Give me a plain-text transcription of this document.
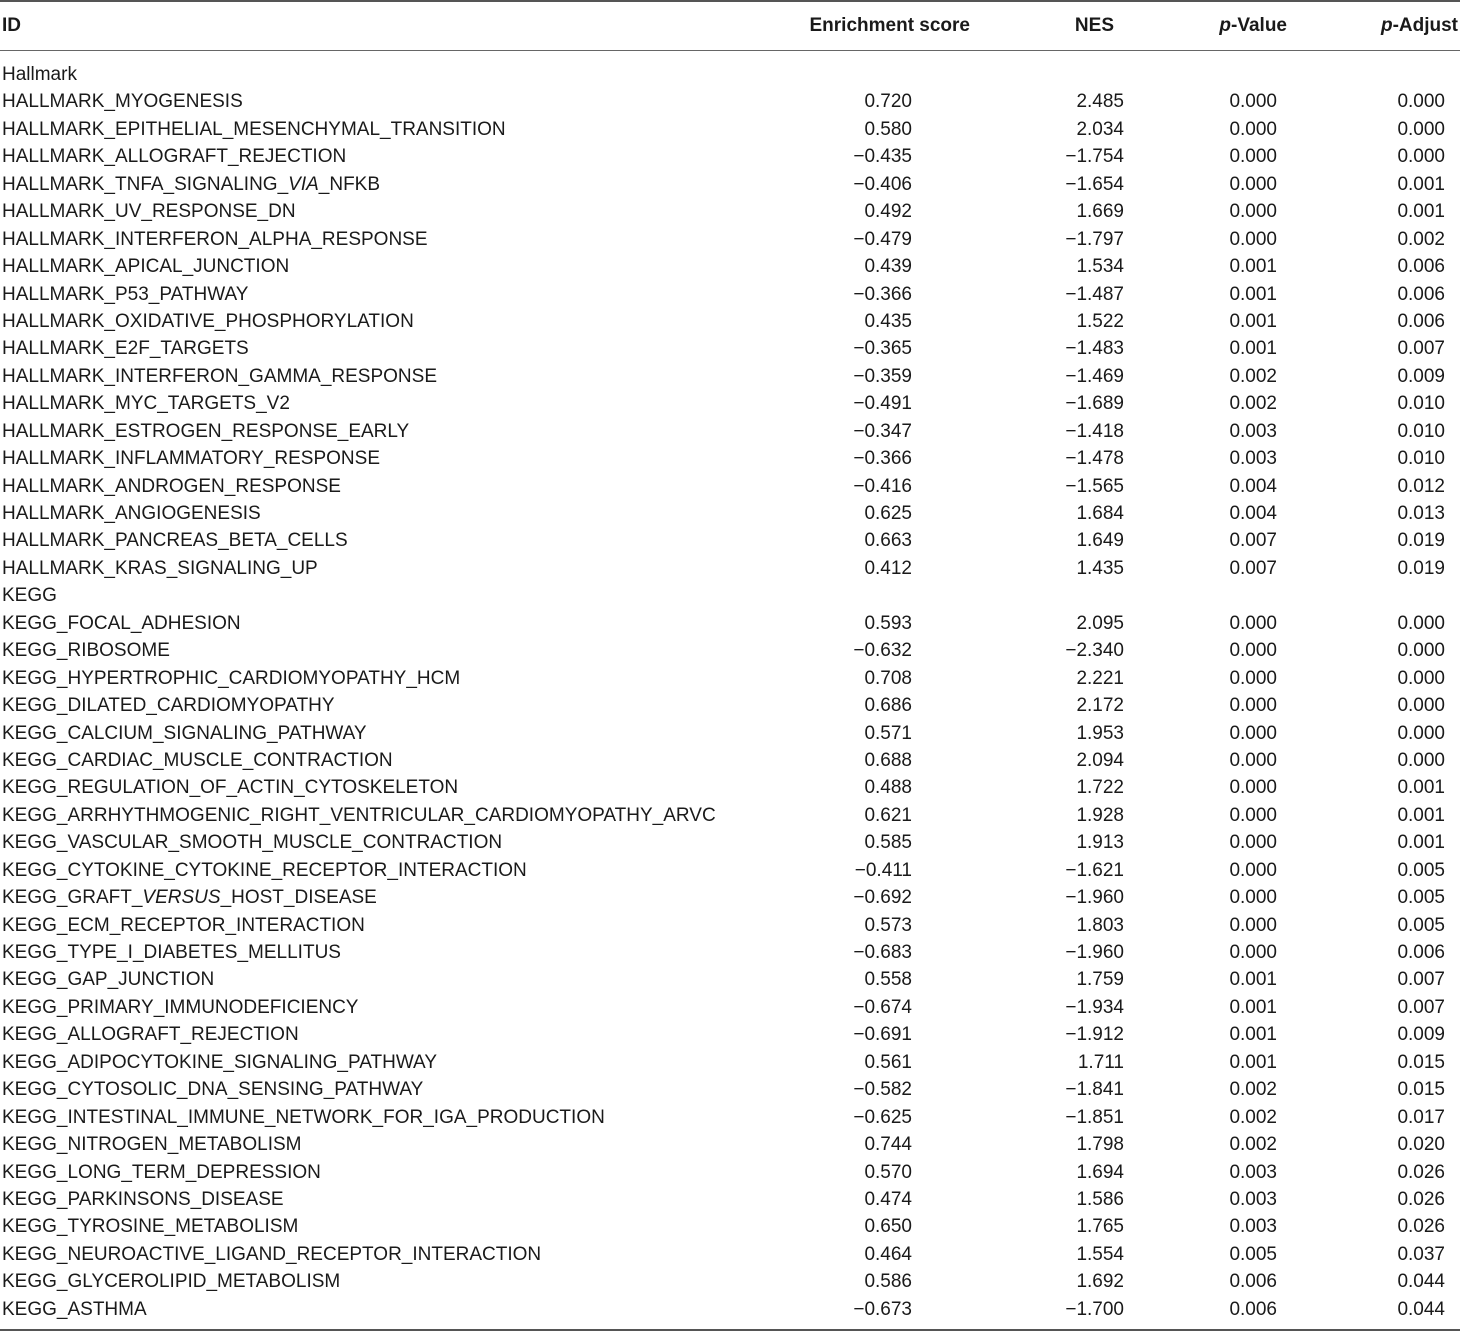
ID	Enrichment score	NES	p-Value	p-Adjust
Hallmark
HALLMARK_MYOGENESIS	0.720	2.485	0.000	0.000
HALLMARK_EPITHELIAL_MESENCHYMAL_TRANSITION	0.580	2.034	0.000	0.000
HALLMARK_ALLOGRAFT_REJECTION	−0.435	−1.754	0.000	0.000
HALLMARK_TNFA_SIGNALING_VIA_NFKB	−0.406	−1.654	0.000	0.001
HALLMARK_UV_RESPONSE_DN	0.492	1.669	0.000	0.001
HALLMARK_INTERFERON_ALPHA_RESPONSE	−0.479	−1.797	0.000	0.002
HALLMARK_APICAL_JUNCTION	0.439	1.534	0.001	0.006
HALLMARK_P53_PATHWAY	−0.366	−1.487	0.001	0.006
HALLMARK_OXIDATIVE_PHOSPHORYLATION	0.435	1.522	0.001	0.006
HALLMARK_E2F_TARGETS	−0.365	−1.483	0.001	0.007
HALLMARK_INTERFERON_GAMMA_RESPONSE	−0.359	−1.469	0.002	0.009
HALLMARK_MYC_TARGETS_V2	−0.491	−1.689	0.002	0.010
HALLMARK_ESTROGEN_RESPONSE_EARLY	−0.347	−1.418	0.003	0.010
HALLMARK_INFLAMMATORY_RESPONSE	−0.366	−1.478	0.003	0.010
HALLMARK_ANDROGEN_RESPONSE	−0.416	−1.565	0.004	0.012
HALLMARK_ANGIOGENESIS	0.625	1.684	0.004	0.013
HALLMARK_PANCREAS_BETA_CELLS	0.663	1.649	0.007	0.019
HALLMARK_KRAS_SIGNALING_UP	0.412	1.435	0.007	0.019
KEGG
KEGG_FOCAL_ADHESION	0.593	2.095	0.000	0.000
KEGG_RIBOSOME	−0.632	−2.340	0.000	0.000
KEGG_HYPERTROPHIC_CARDIOMYOPATHY_HCM	0.708	2.221	0.000	0.000
KEGG_DILATED_CARDIOMYOPATHY	0.686	2.172	0.000	0.000
KEGG_CALCIUM_SIGNALING_PATHWAY	0.571	1.953	0.000	0.000
KEGG_CARDIAC_MUSCLE_CONTRACTION	0.688	2.094	0.000	0.000
KEGG_REGULATION_OF_ACTIN_CYTOSKELETON	0.488	1.722	0.000	0.001
KEGG_ARRHYTHMOGENIC_RIGHT_VENTRICULAR_CARDIOMYOPATHY_ARVC	0.621	1.928	0.000	0.001
KEGG_VASCULAR_SMOOTH_MUSCLE_CONTRACTION	0.585	1.913	0.000	0.001
KEGG_CYTOKINE_CYTOKINE_RECEPTOR_INTERACTION	−0.411	−1.621	0.000	0.005
KEGG_GRAFT_VERSUS_HOST_DISEASE	−0.692	−1.960	0.000	0.005
KEGG_ECM_RECEPTOR_INTERACTION	0.573	1.803	0.000	0.005
KEGG_TYPE_I_DIABETES_MELLITUS	−0.683	−1.960	0.000	0.006
KEGG_GAP_JUNCTION	0.558	1.759	0.001	0.007
KEGG_PRIMARY_IMMUNODEFICIENCY	−0.674	−1.934	0.001	0.007
KEGG_ALLOGRAFT_REJECTION	−0.691	−1.912	0.001	0.009
KEGG_ADIPOCYTOKINE_SIGNALING_PATHWAY	0.561	1.711	0.001	0.015
KEGG_CYTOSOLIC_DNA_SENSING_PATHWAY	−0.582	−1.841	0.002	0.015
KEGG_INTESTINAL_IMMUNE_NETWORK_FOR_IGA_PRODUCTION	−0.625	−1.851	0.002	0.017
KEGG_NITROGEN_METABOLISM	0.744	1.798	0.002	0.020
KEGG_LONG_TERM_DEPRESSION	0.570	1.694	0.003	0.026
KEGG_PARKINSONS_DISEASE	0.474	1.586	0.003	0.026
KEGG_TYROSINE_METABOLISM	0.650	1.765	0.003	0.026
KEGG_NEUROACTIVE_LIGAND_RECEPTOR_INTERACTION	0.464	1.554	0.005	0.037
KEGG_GLYCEROLIPID_METABOLISM	0.586	1.692	0.006	0.044
KEGG_ASTHMA	−0.673	−1.700	0.006	0.044
